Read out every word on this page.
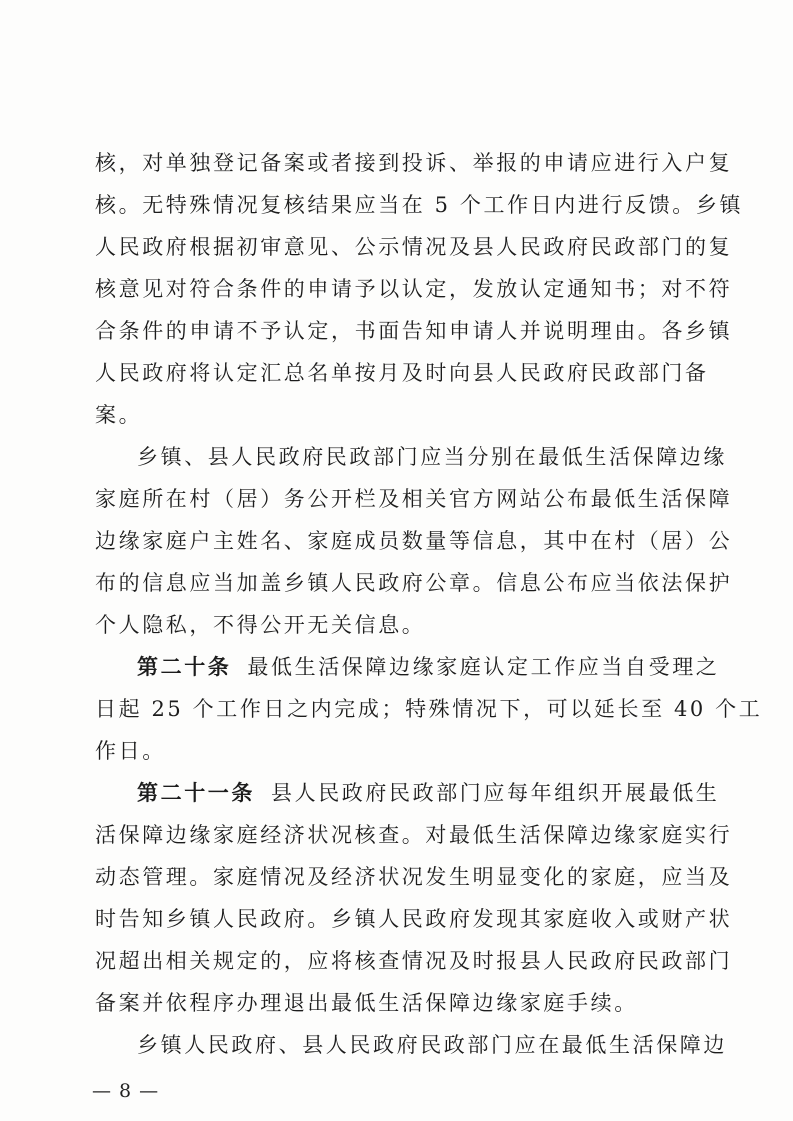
核，对单独登记备案或者接到投诉、举报的申请应进行入户复
核。无特殊情况复核结果应当在 5 个工作日内进行反馈。乡镇
人民政府根据初审意见、公示情况及县人民政府民政部门的复
核意见对符合条件的申请予以认定，发放认定通知书；对不符
合条件的申请不予认定，书面告知申请人并说明理由。各乡镇
人民政府将认定汇总名单按月及时向县人民政府民政部门备
案。
乡镇、县人民政府民政部门应当分别在最低生活保障边缘
家庭所在村（居）务公开栏及相关官方网站公布最低生活保障
边缘家庭户主姓名、家庭成员数量等信息，其中在村（居）公
布的信息应当加盖乡镇人民政府公章。信息公布应当依法保护
个人隐私，不得公开无关信息。
第二十条 最低生活保障边缘家庭认定工作应当自受理之
日起 25 个工作日之内完成；特殊情况下，可以延长至 40 个工
作日。
第二十一条 县人民政府民政部门应每年组织开展最低生
活保障边缘家庭经济状况核查。对最低生活保障边缘家庭实行
动态管理。家庭情况及经济状况发生明显变化的家庭，应当及
时告知乡镇人民政府。乡镇人民政府发现其家庭收入或财产状
况超出相关规定的，应将核查情况及时报县人民政府民政部门
备案并依程序办理退出最低生活保障边缘家庭手续。
乡镇人民政府、县人民政府民政部门应在最低生活保障边
— 8 —
